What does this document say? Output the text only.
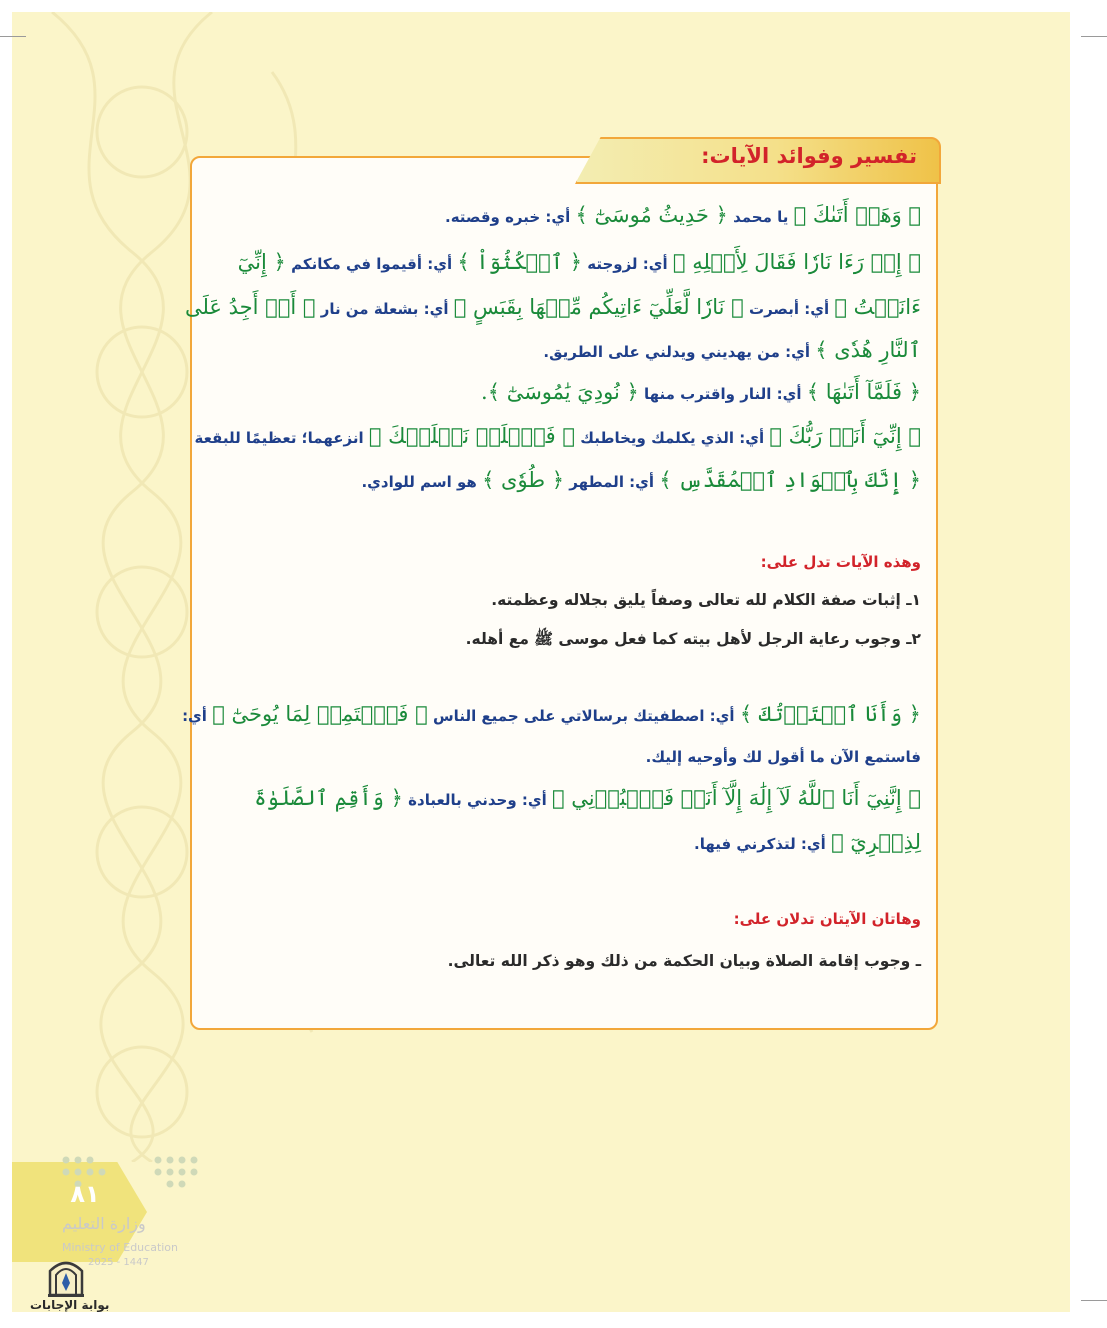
تفسير وفوائد الآيات:
﴿ وَهَلۡ أَتَىٰكَ ﴾ يا محمد ﴿ حَدِيثُ مُوسَىٰٓ ﴾ أي: خبره وقصته.
﴿ إِذۡ رَءَا نَارٗا فَقَالَ لِأَهۡلِهِ ﴾ أي: لزوجته ﴿ ٱمۡكُثُوٓاْ ﴾ أي: أقيموا في مكانكم ﴿ إِنِّيٓ
ءَانَسۡتُ ﴾ أي: أبصرت ﴿ نَارٗا لَّعَلِّيٓ ءَاتِيكُم مِّنۡهَا بِقَبَسٍ ﴾ أي: بشعلة من نار ﴿ أَوۡ أَجِدُ عَلَى
ٱلنَّارِ هُدٗى ﴾ أي: من يهديني ويدلني على الطريق.
﴿ فَلَمَّآ أَتَىٰهَا ﴾ أي: النار واقترب منها ﴿ نُودِيَ يَٰمُوسَىٰٓ ﴾.
﴿ إِنِّيٓ أَنَا۠ رَبُّكَ ﴾ أي: الذي يكلمك ويخاطبك ﴿ فَٱخۡلَعۡ نَعۡلَيۡكَ ﴾ انزعهما؛ تعظيمًا للبقعة
﴿ إِنَّكَ بِٱلۡوَادِ ٱلۡمُقَدَّسِ ﴾ أي: المطهر ﴿ طُوٗى ﴾ هو اسم للوادي.
وهذه الآيات تدل على:
١ـ إثبات صفة الكلام لله تعالى وصفاً يليق بجلاله وعظمته.
٢ـ وجوب رعاية الرجل لأهل بيته كما فعل موسى ﷺ مع أهله.
﴿ وَأَنَا ٱخۡتَرۡتُكَ ﴾ أي: اصطفيتك برسالاتي على جميع الناس ﴿ فَٱسۡتَمِعۡ لِمَا يُوحَىٰٓ ﴾ أي:
فاستمع الآن ما أقول لك وأوحيه إليك.
﴿ إِنَّنِيٓ أَنَا ٱللَّهُ لَآ إِلَٰهَ إِلَّآ أَنَا۠ فَٱعۡبُدۡنِي ﴾ أي: وحدني بالعبادة ﴿ وَأَقِمِ ٱلصَّلَوٰةَ
لِذِكۡرِيٓ ﴾ أي: لتذكرني فيها.
وهاتان الآيتان تدلان على:
ـ وجوب إقامة الصلاة وبيان الحكمة من ذلك وهو ذكر الله تعالى.
٨١
وزارة التعليم
Ministry of Education
2025 - 1447
بوابة الإجابات
